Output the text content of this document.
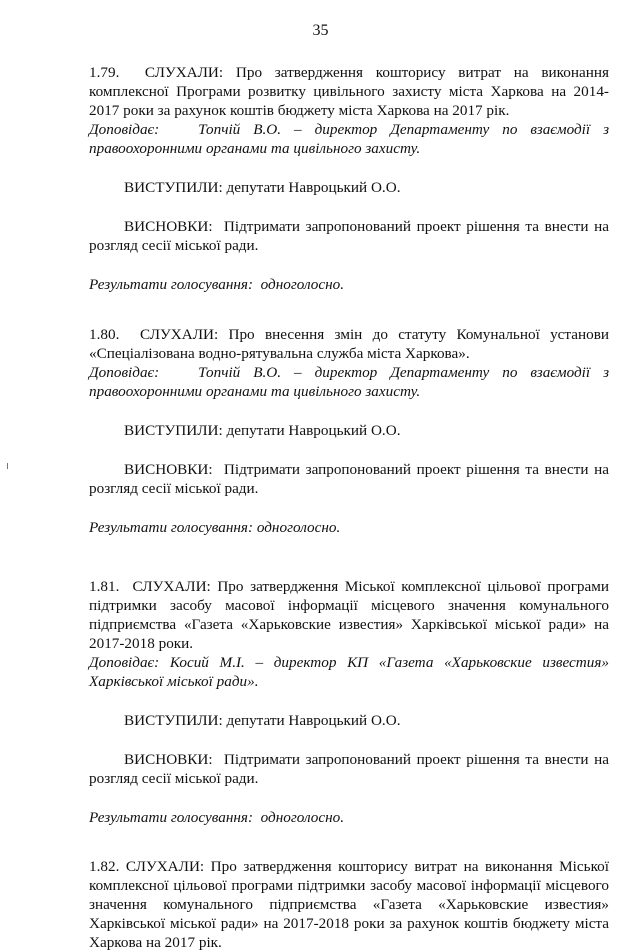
35

1.79. СЛУХАЛИ: Про затвердження кошторису витрат на виконання комплексної Програми розвитку цивільного захисту міста Харкова на 2014-2017 роки за рахунок коштів бюджету міста Харкова на 2017 рік.

Доповідає:	Топчій В.О. – директор Департаменту по взаємодії з правоохоронними органами та цивільного захисту.

ВИСТУПИЛИ: депутати Навроцький О.О.

ВИСНОВКИ: Підтримати запропонований проект рішення та внести на розгляд сесії міської ради.

Результати голосування: одноголосно.

1.80. СЛУХАЛИ: Про внесення змін до статуту Комунальної установи «Спеціалізована водно-рятувальна служба міста Харкова».

Доповідає:	Топчій В.О. – директор Департаменту по взаємодії з правоохоронними органами та цивільного захисту.

ВИСТУПИЛИ: депутати Навроцький О.О.

ВИСНОВКИ: Підтримати запропонований проект рішення та внести на розгляд сесії міської ради.

Результати голосування: одноголосно.

1.81. СЛУХАЛИ: Про затвердження Міської комплексної цільової програми підтримки засобу масової інформації місцевого значення комунального підприємства «Газета «Харьковские известия» Харківської міської ради» на 2017-2018 роки.

Доповідає: Косий М.І. – директор КП «Газета «Харьковские известия» Харківської міської ради».

ВИСТУПИЛИ: депутати Навроцький О.О.

ВИСНОВКИ: Підтримати запропонований проект рішення та внести на розгляд сесії міської ради.

Результати голосування: одноголосно.

1.82. СЛУХАЛИ: Про затвердження кошторису витрат на виконання Міської комплексної цільової програми підтримки засобу масової інформації місцевого значення комунального підприємства «Газета «Харьковские известия» Харківської міської ради» на 2017-2018 роки за рахунок коштів бюджету міста Харкова на 2017 рік.
